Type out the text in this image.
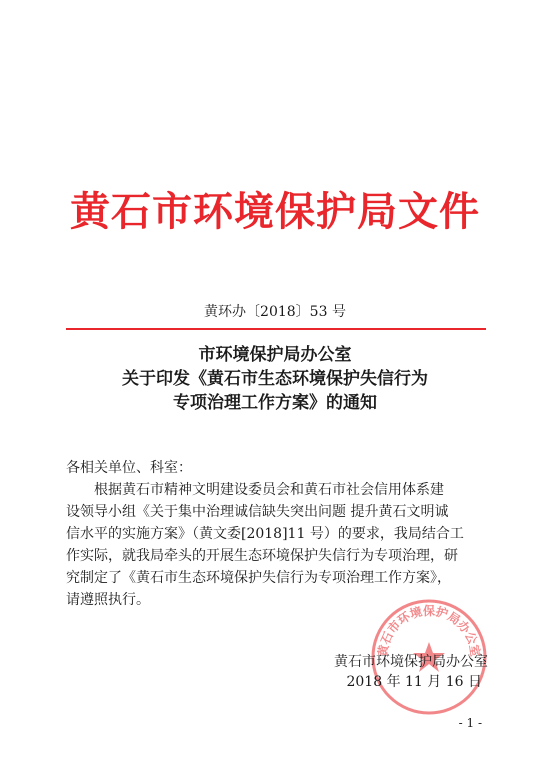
黄石市环境保护局文件
黄环办〔2018〕53 号
市环境保护局办公室
关于印发《黄石市生态环境保护失信行为
专项治理工作方案》的通知
各相关单位、科室：
根据黄石市精神文明建设委员会和黄石市社会信用体系建
设领导小组《关于集中治理诚信缺失突出问题 提升黄石文明诚
信水平的实施方案》（黄文委[2018]11 号）的要求，我局结合工
作实际，就我局牵头的开展生态环境保护失信行为专项治理，研
究制定了《黄石市生态环境保护失信行为专项治理工作方案》，
请遵照执行。
黄石市环境保护局办公室
黄石市环境保护局办公室
2018 年 11 月 16 日
- 1 -
